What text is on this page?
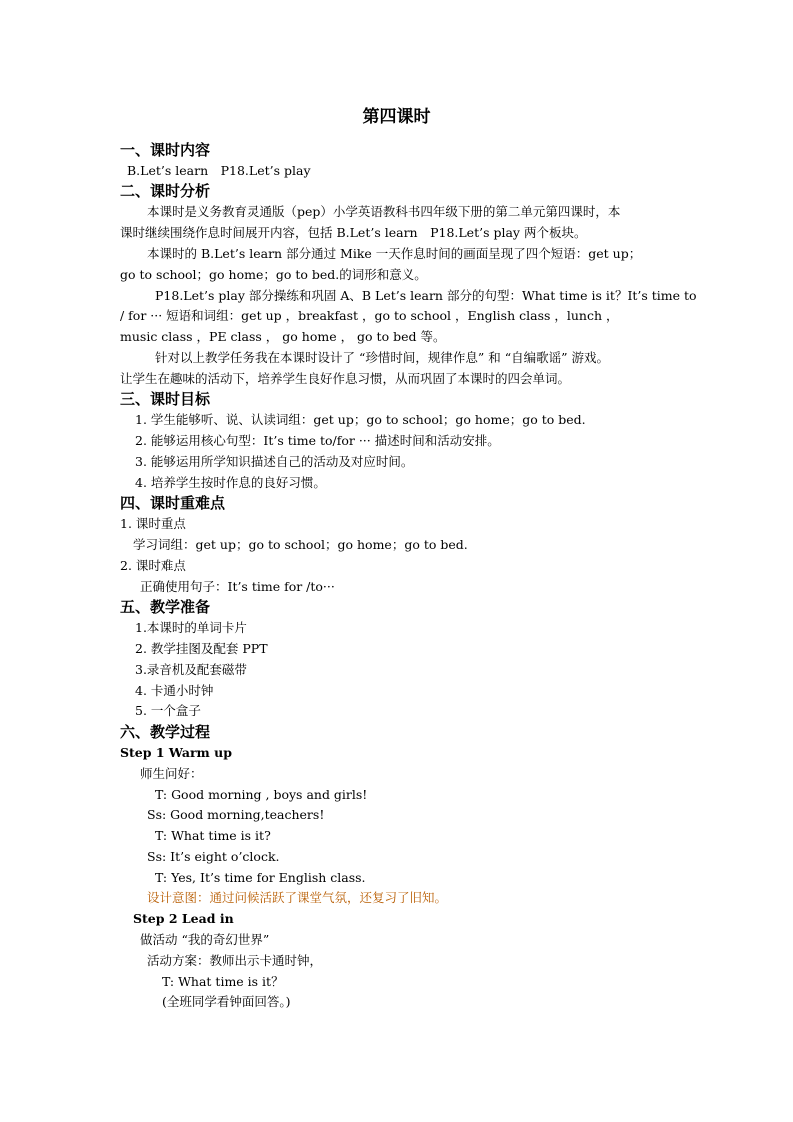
第四课时
一、课时内容
B.Let’s learn　P18.Let’s play
二、课时分析
本课时是义务教育灵通版（pep）小学英语教科书四年级下册的第二单元第四课时，本
课时继续围绕作息时间展开内容，包括 B.Let’s learn　P18.Let’s play 两个板块。
本课时的 B.Let’s learn 部分通过 Mike 一天作息时间的画面呈现了四个短语：get up；
go to school；go home；go to bed.的词形和意义。
P18.Let’s play 部分操练和巩固 A、B Let’s learn 部分的句型：What time is it？It’s time to
/ for ··· 短语和词组：get up ，breakfast ，go to school ，English class ，lunch ，
music class ，PE class ， go home ， go to bed 等。
针对以上教学任务我在本课时设计了 “珍惜时间，规律作息” 和 “自编歌谣” 游戏。
让学生在趣味的活动下，培养学生良好作息习惯，从而巩固了本课时的四会单词。
三、课时目标
1. 学生能够听、说、认读词组：get up；go to school；go home；go to bed.
2. 能够运用核心句型：It’s time to/for ··· 描述时间和活动安排。
3. 能够运用所学知识描述自己的活动及对应时间。
4. 培养学生按时作息的良好习惯。
四、课时重难点
1. 课时重点
学习词组：get up；go to school；go home；go to bed.
2. 课时难点
正确使用句子：It’s time for /to···
五、教学准备
1.本课时的单词卡片
2. 教学挂图及配套 PPT
3.录音机及配套磁带
4. 卡通小时钟
5. 一个盒子
六、教学过程
Step 1 Warm up
师生问好：
T: Good morning , boys and girls!
Ss: Good morning,teachers!
T: What time is it?
Ss: It’s eight o’clock.
T: Yes, It’s time for English class.
设计意图：通过问候活跃了课堂气氛，还复习了旧知。
Step 2 Lead in
做活动 “我的奇幻世界”
活动方案：教师出示卡通时钟，
T: What time is it？
(全班同学看钟面回答。)
